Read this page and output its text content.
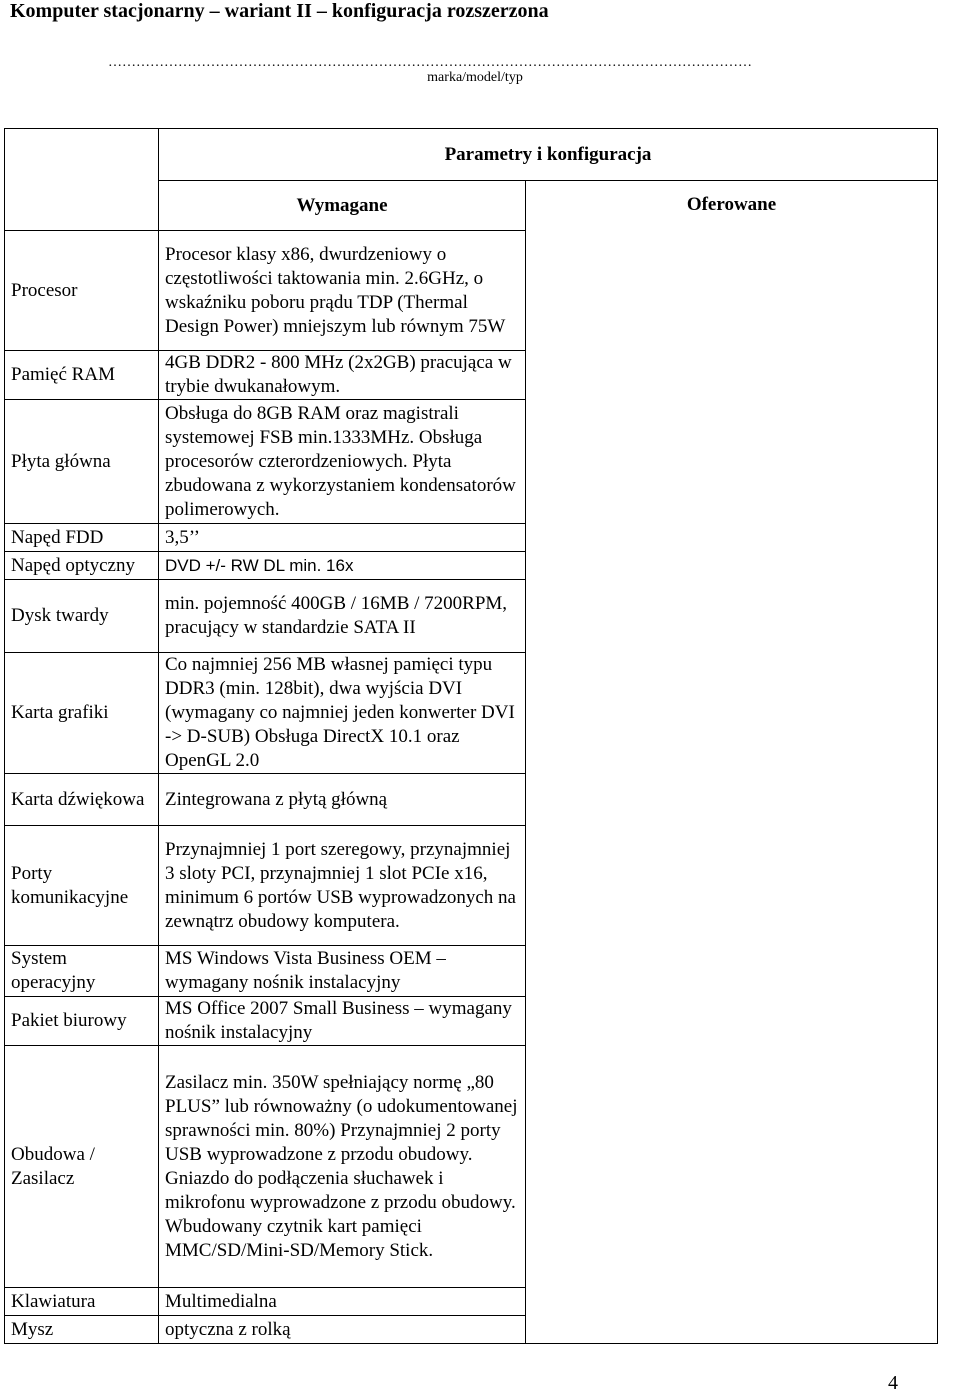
Komputer stacjonarny – wariant II – konfiguracja rozszerzona
…………………………………………………………………………………………………………………………
marka/model/typ
	Parametry i konfiguracja	
	Wymagane	Oferowane
Procesor	Procesor klasy x86, dwurdzeniowy o częstotliwości taktowania min. 2.6GHz, o wskaźniku poboru prądu TDP (Thermal Design Power) mniejszym lub równym 75W	
Pamięć RAM	4GB DDR2 - 800 MHz (2x2GB) pracująca w trybie dwukanałowym.	
Płyta główna	Obsługa do 8GB RAM oraz magistrali systemowej FSB min.1333MHz. Obsługa procesorów czterordzeniowych. Płyta zbudowana z wykorzystaniem kondensatorów polimerowych.	
Napęd FDD	3,5’’	
Napęd optyczny	DVD +/- RW DL min. 16x	
Dysk twardy	min. pojemność 400GB / 16MB / 7200RPM, pracujący w standardzie SATA II	
Karta grafiki	Co najmniej 256 MB własnej pamięci typu DDR3 (min. 128bit), dwa wyjścia DVI (wymagany co najmniej jeden konwerter DVI -> D-SUB) Obsługa DirectX 10.1 oraz OpenGL 2.0	
Karta dźwiękowa	Zintegrowana z płytą główną	
Porty komunikacyjne	Przynajmniej 1 port szeregowy, przynajmniej 3 sloty PCI, przynajmniej 1 slot PCIe x16, minimum 6 portów USB wyprowadzonych na zewnątrz obudowy komputera.	
System operacyjny	MS Windows Vista Business OEM – wymagany nośnik instalacyjny	
Pakiet biurowy	MS Office 2007 Small Business – wymagany nośnik instalacyjny	
Obudowa / Zasilacz	Zasilacz min. 350W spełniający normę „80 PLUS” lub równoważny (o udokumentowanej sprawności min. 80%) Przynajmniej 2 porty USB wyprowadzone z przodu obudowy. Gniazdo do podłączenia słuchawek i mikrofonu wyprowadzone z przodu obudowy. Wbudowany czytnik kart pamięci MMC/SD/Mini-SD/Memory Stick.	
Klawiatura	Multimedialna	
Mysz	optyczna z rolką	
4
